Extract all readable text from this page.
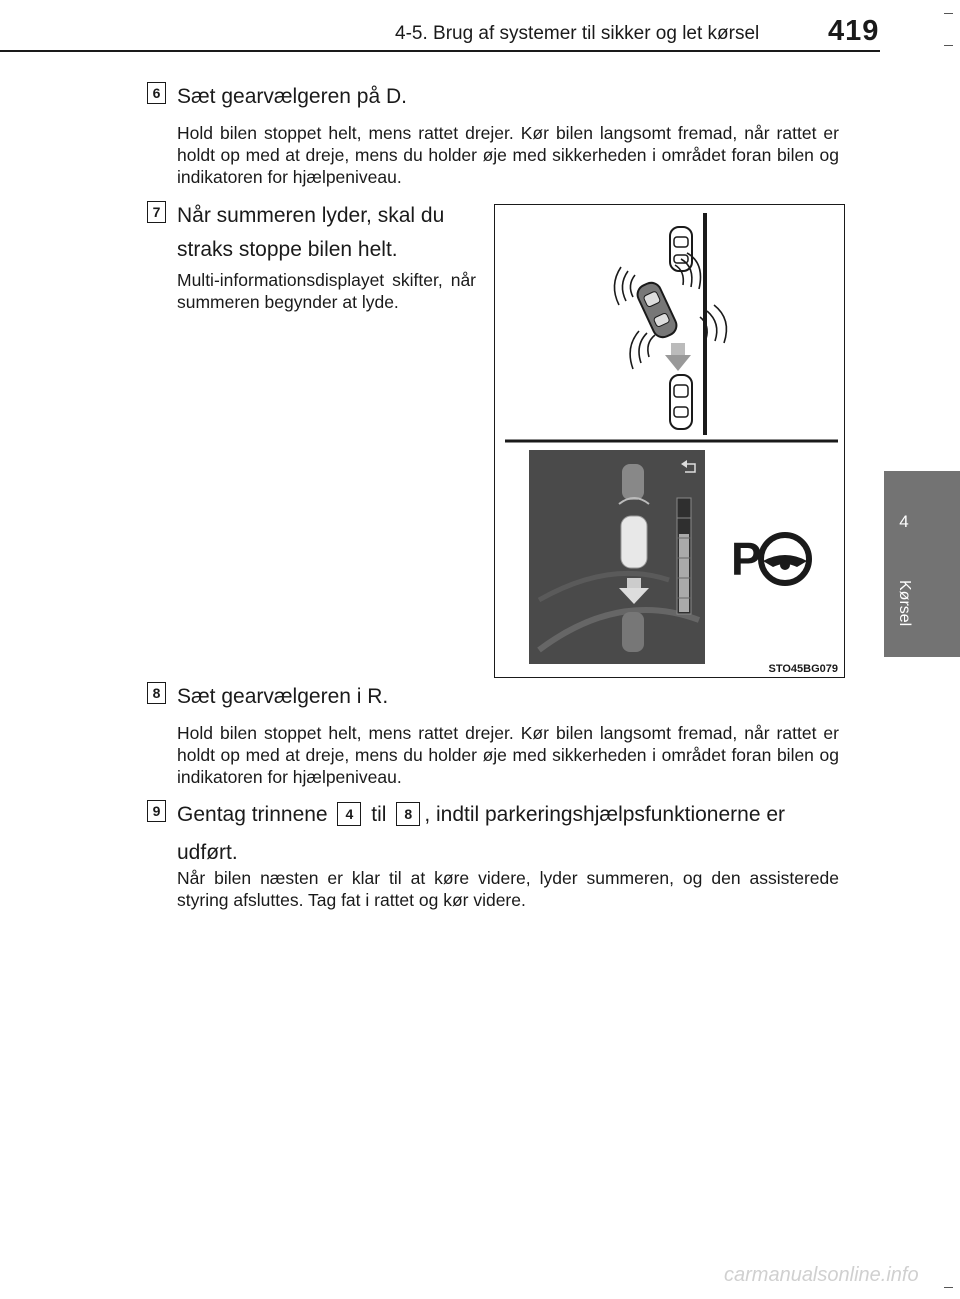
4-5. Brug af systemer til sikker og let kørsel 419
4
Kørsel
6 Sæt gearvælgeren på D.
Hold bilen stoppet helt, mens rattet drejer. Kør bilen langsomt fremad, når rattet er holdt op med at dreje, mens du holder øje med sikkerheden i området foran bilen og indikatoren for hjælpeniveau.
7 Når summeren lyder, skal du straks stoppe bilen helt.
Multi-informationsdisplayet skifter, når summeren begynder at lyde.
P
STO45BG079
8 Sæt gearvælgeren i R.
Hold bilen stoppet helt, mens rattet drejer. Kør bilen langsomt fremad, når rattet er holdt op med at dreje, mens du holder øje med sikkerheden i området foran bilen og indikatoren for hjælpeniveau.
9 Gentag trinnene 4 til 8 , indtil parkeringshjælpsfunktionerne er udført.
Når bilen næsten er klar til at køre videre, lyder summeren, og den assisterede styring afsluttes. Tag fat i rattet og kør videre.
carmanualsonline.info
